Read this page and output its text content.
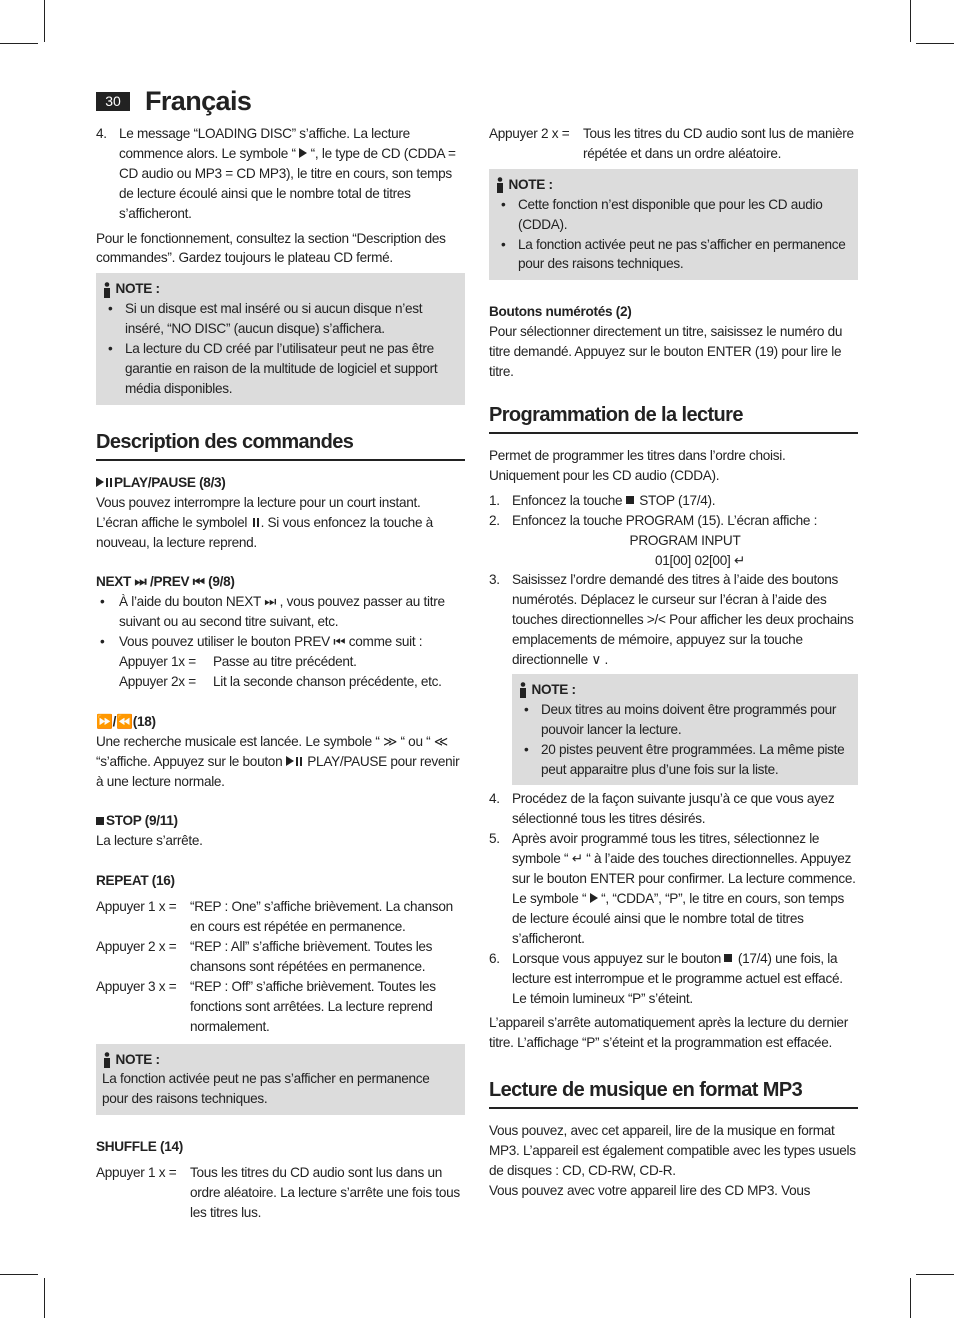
30 Français
4. Le message “LOADING DISC” s’affiche. La lecture commence alors. Le symbole “  “, le type de CD (CDDA = CD audio ou MP3 = CD MP3), le titre en cours, son temps de lecture écoulé ainsi que le nombre total de titres s’afficheront.

Pour le fonctionnement, consultez la section “Description des commandes”. Gardez toujours le plateau CD fermé.

NOTE :
• Si un disque est mal inséré ou si aucun disque n’est inséré, “NO DISC” (aucun disque) s’affichera.
• La lecture du CD créé par l’utilisateur peut ne pas être garantie en raison de la multitude de logiciel et support média disponibles.
Description des commandes
PLAY/PAUSE (8/3)

Vous pouvez interrompre la lecture pour un court instant. L’écran affiche le symbolel . Si vous enfoncez la touche à nouveau, la lecture reprend.

NEXT ⏭ /PREV ⏮ (9/8)
• À l’aide du bouton NEXT ⏭ , vous pouvez passer au titre suivant ou au second titre suivant, etc.
• Vous pouvez utiliser le bouton PREV ⏮ comme suit :
Appuyer 1x =	Passe au titre précédent.
Appuyer 2x =	Lit la seconde chanson précédente, etc.
⏩/⏪(18)

Une recherche musicale est lancée. Le symbole “ ≫ “ ou “ ≪ “s’affiche. Appuyez sur le bouton  PLAY/PAUSE pour revenir à une lecture normale.

STOP (9/11)

La lecture s’arrête.

REPEAT (16)
Appuyer 1 x =	“REP : One” s’affiche brièvement. La chanson en cours est répétée en permanence.
Appuyer 2 x =	“REP : All” s’affiche brièvement. Toutes les chansons sont répétées en permanence.
Appuyer 3 x =	“REP : Off” s’affiche brièvement. Toutes les fonctions sont arrêtées. La lecture reprend normalement.
NOTE :

La fonction activée peut ne pas s’afficher en permanence pour des raisons techniques.

SHUFFLE (14)
Appuyer 1 x =	Tous les titres du CD audio sont lus dans un ordre aléatoire. La lecture s’arrête une fois tous les titres lus.
Appuyer 2 x =	Tous les titres du CD audio sont lus de manière répétée et dans un ordre aléatoire.
NOTE :
• Cette fonction n’est disponible que pour les CD audio (CDDA).
• La fonction activée peut ne pas s’afficher en permanence pour des raisons techniques.
Boutons numérotés (2)

Pour sélectionner directement un titre, saisissez le numéro du titre demandé. Appuyez sur le bouton ENTER (19) pour lire le titre.

Programmation de la lecture

Permet de programmer les titres dans l’ordre choisi. Uniquement pour les CD audio (CDDA).

1. Enfoncez la touche  STOP (17/4).
2. Enfoncez la touche PROGRAM (15). L’écran affiche :
PROGRAM INPUT
01[00] 02[00] ↵
3. Saisissez l’ordre demandé des titres à l’aide des boutons numérotés. Déplacez le curseur sur l’écran à l’aide des touches directionnelles >/< Pour afficher les deux prochains emplacements de mémoire, appuyez sur la touche directionnelle ∨ .
NOTE :
• Deux titres au moins doivent être programmés pour pouvoir lancer la lecture.
• 20 pistes peuvent être programmées. La même piste peut apparaitre plus d’une fois sur la liste.
4. Procédez de la façon suivante jusqu’à ce que vous ayez sélectionné tous les titres désirés.
5. Après avoir programmé tous les titres, sélectionnez le symbole “ ↵ “ à l’aide des touches directionnelles. Appuyez sur le bouton ENTER pour confirmer. La lecture commence. Le symbole “  “, “CDDA”, “P”, le titre en cours, son temps de lecture écoulé ainsi que le nombre total de titres s’afficheront.
6. Lorsque vous appuyez sur le bouton  (17/4) une fois, la lecture est interrompue et le programme actuel est effacé. Le témoin lumineux “P” s’éteint.

L’appareil s’arrête automatiquement après la lecture du dernier titre. L’affichage “P” s’éteint et la programmation est effacée.

Lecture de musique en format MP3

Vous pouvez, avec cet appareil, lire de la musique en format MP3. L’appareil est également compatible avec les types usuels de disques : CD, CD-RW, CD-R.

Vous pouvez avec votre appareil lire des CD MP3. Vous
